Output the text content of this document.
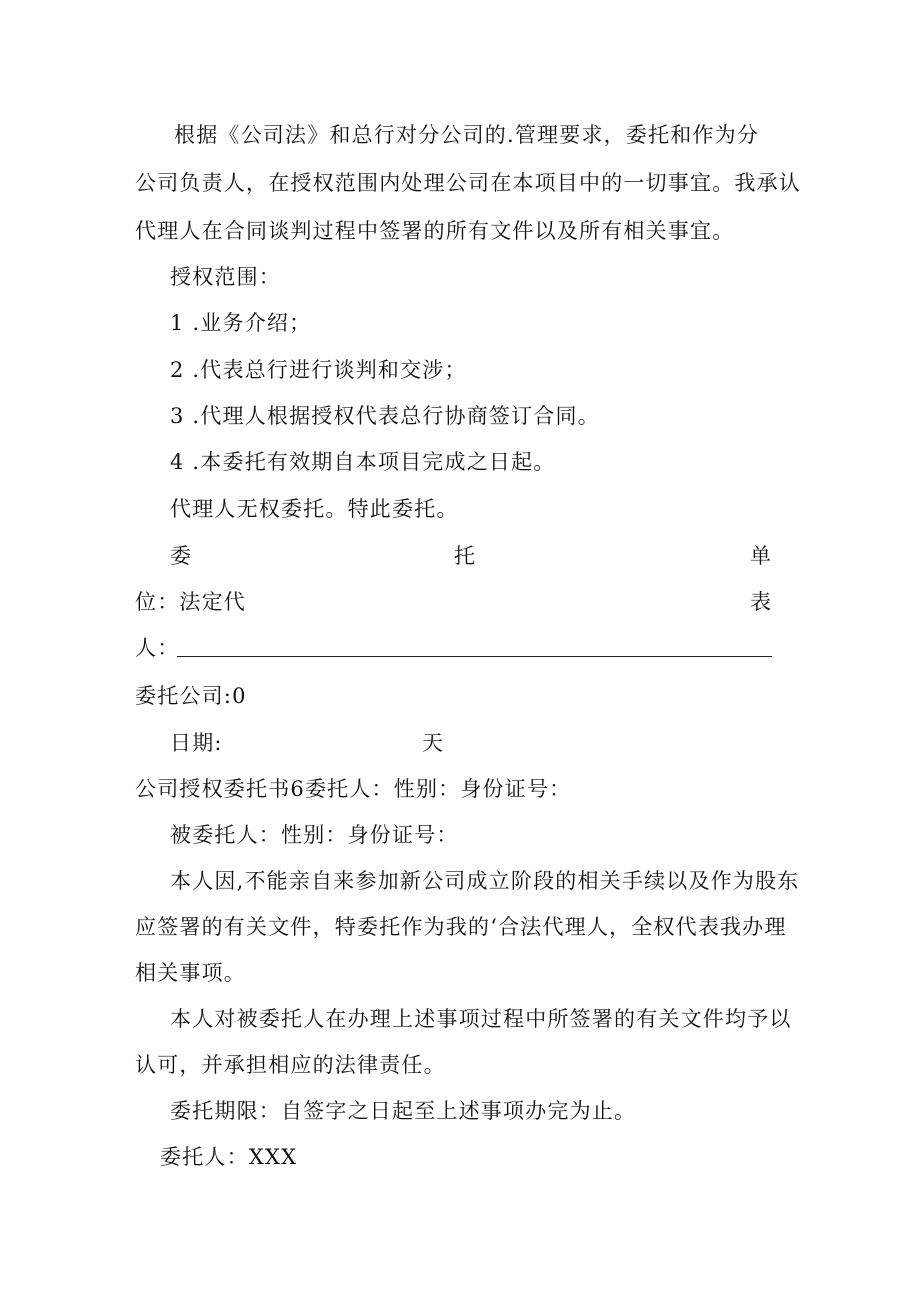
根据《公司法》和总行对分公司的.管理要求，委托和作为分
公司负责人，在授权范围内处理公司在本项目中的一切事宜。我承认
代理人在合同谈判过程中签署的所有文件以及所有相关事宜。
授权范围：
1 .业务介绍；
2 .代表总行进行谈判和交涉；
3 .代理人根据授权代表总行协商签订合同。
4 .本委托有效期自本项目完成之日起。
代理人无权委托。特此委托。
委	托	单
位：法定代	表
人：
委托公司:0
日期:	天
公司授权委托书6委托人：性别：身份证号：
被委托人：性别：身份证号：
本人因,不能亲自来参加新公司成立阶段的相关手续以及作为股东
应签署的有关文件，特委托作为我的‘合法代理人，全权代表我办理
相关事项。
本人对被委托人在办理上述事项过程中所签署的有关文件均予以
认可，并承担相应的法律责任。
委托期限：自签字之日起至上述事项办完为止。
委托人：XXX
